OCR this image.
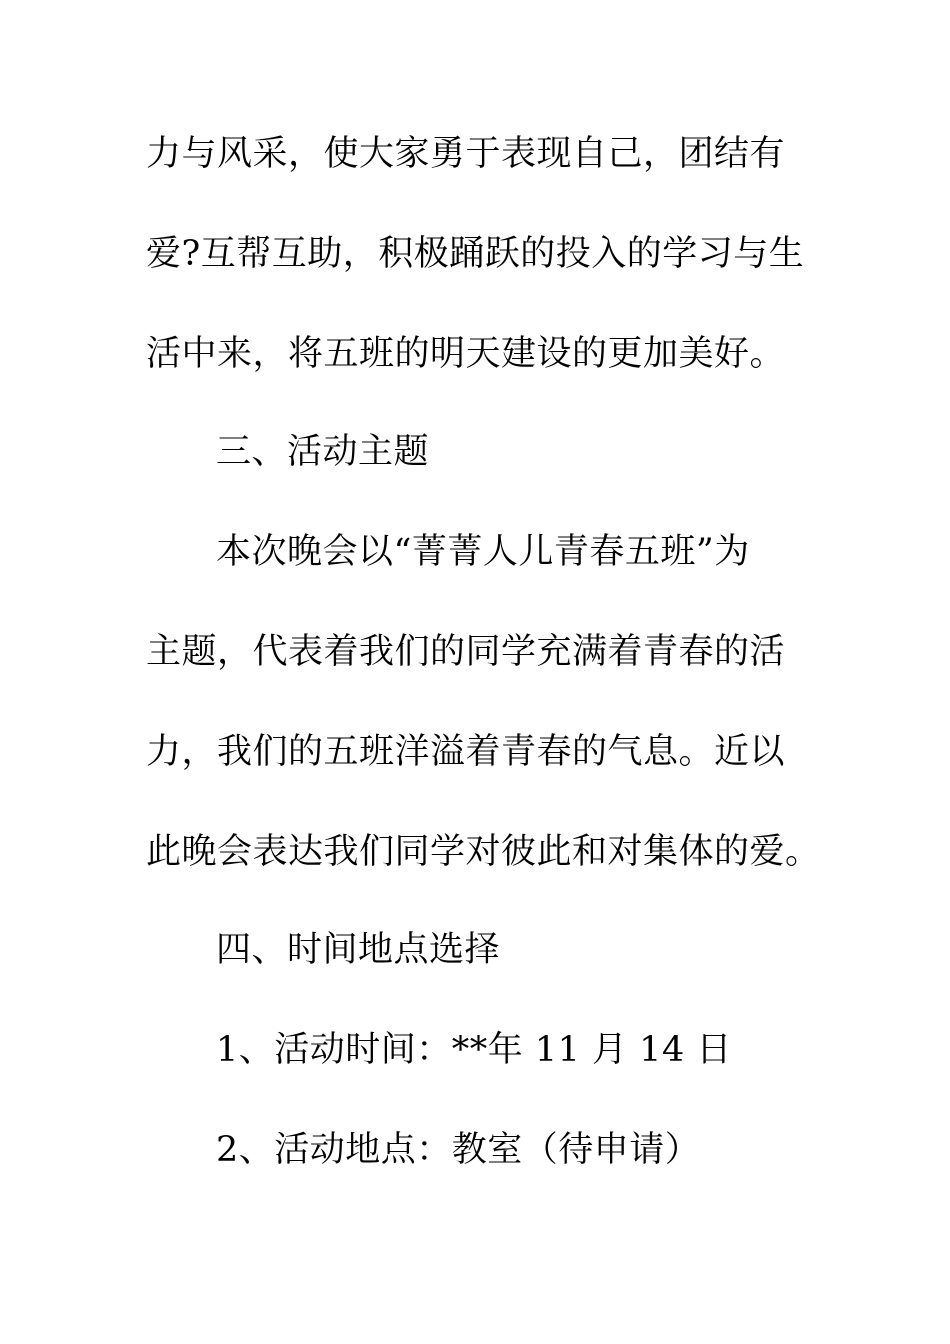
力与风采，使大家勇于表现自己，团结有
爱?互帮互助，积极踊跃的投入的学习与生
活中来，将五班的明天建设的更加美好。
三、活动主题
本次晚会以“菁菁人儿青春五班”为
主题，代表着我们的同学充满着青春的活
力，我们的五班洋溢着青春的气息。近以
此晚会表达我们同学对彼此和对集体的爱。
四、时间地点选择
1、活动时间：**年 11 月 14 日
2、活动地点：教室（待申请）
